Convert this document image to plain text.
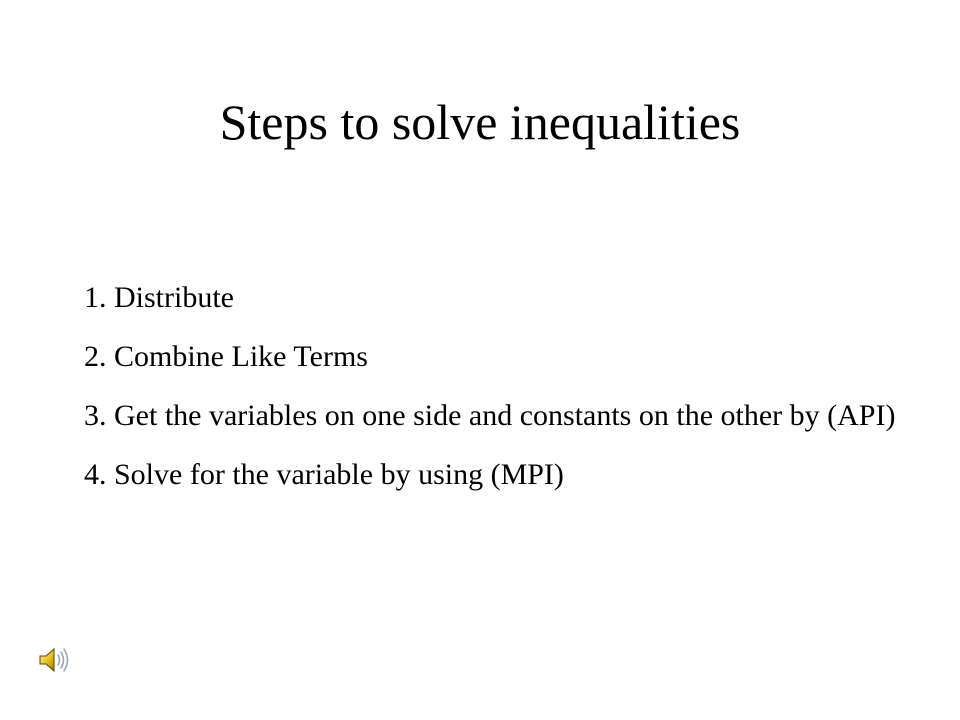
Steps to solve inequalities
1. Distribute
2. Combine Like Terms
3. Get the variables on one side and constants on the other by (API)
4. Solve for the variable by using (MPI)
